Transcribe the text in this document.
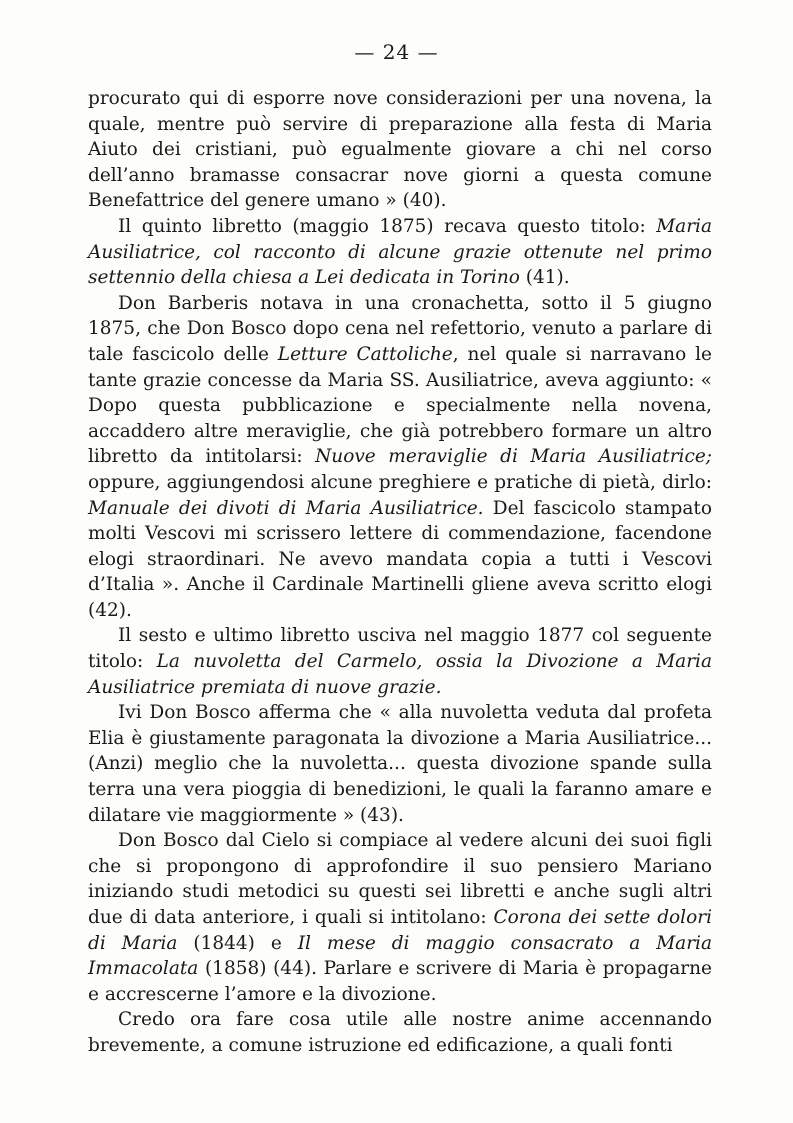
— 24 —

procurato qui di esporre nove considerazioni per una novena, la quale, mentre può servire di preparazione alla festa di Maria Aiuto dei cristiani, può egualmente giovare a chi nel corso dell’anno bramasse consacrar nove giorni a questa comune Benefattrice del genere umano » (40).

Il quinto libretto (maggio 1875) recava questo titolo: Maria Ausiliatrice, col racconto di alcune grazie ottenute nel primo settennio della chiesa a Lei dedicata in Torino (41).

Don Barberis notava in una cronachetta, sotto il 5 giugno 1875, che Don Bosco dopo cena nel refettorio, venuto a parlare di tale fascicolo delle Letture Cattoliche, nel quale si narravano le tante grazie concesse da Maria SS. Ausiliatrice, aveva aggiunto: « Dopo questa pubblicazione e specialmente nella novena, accaddero altre meraviglie, che già potrebbero formare un altro libretto da intitolarsi: Nuove meraviglie di Maria Ausiliatrice; oppure, aggiungendosi alcune preghiere e pratiche di pietà, dirlo: Manuale dei divoti di Maria Ausiliatrice. Del fascicolo stampato molti Vescovi mi scrissero lettere di commendazione, facendone elogi straordinari. Ne avevo mandata copia a tutti i Vescovi d’Italia ». Anche il Cardinale Martinelli gliene aveva scritto elogi (42).

Il sesto e ultimo libretto usciva nel maggio 1877 col seguente titolo: La nuvoletta del Carmelo, ossia la Divozione a Maria Ausiliatrice premiata di nuove grazie.

Ivi Don Bosco afferma che « alla nuvoletta veduta dal profeta Elia è giustamente paragonata la divozione a Maria Ausiliatrice... (Anzi) meglio che la nuvoletta... questa divozione spande sulla terra una vera pioggia di benedizioni, le quali la faranno amare e dilatare vie maggiormente » (43).

Don Bosco dal Cielo si compiace al vedere alcuni dei suoi figli che si propongono di approfondire il suo pensiero Mariano iniziando studi metodici su questi sei libretti e anche sugli altri due di data anteriore, i quali si intitolano: Corona dei sette dolori di Maria (1844) e Il mese di maggio consacrato a Maria Immacolata (1858) (44). Parlare e scrivere di Maria è propagarne e accrescerne l’amore e la divozione.

Credo ora fare cosa utile alle nostre anime accennando brevemente, a comune istruzione ed edificazione, a quali fonti
